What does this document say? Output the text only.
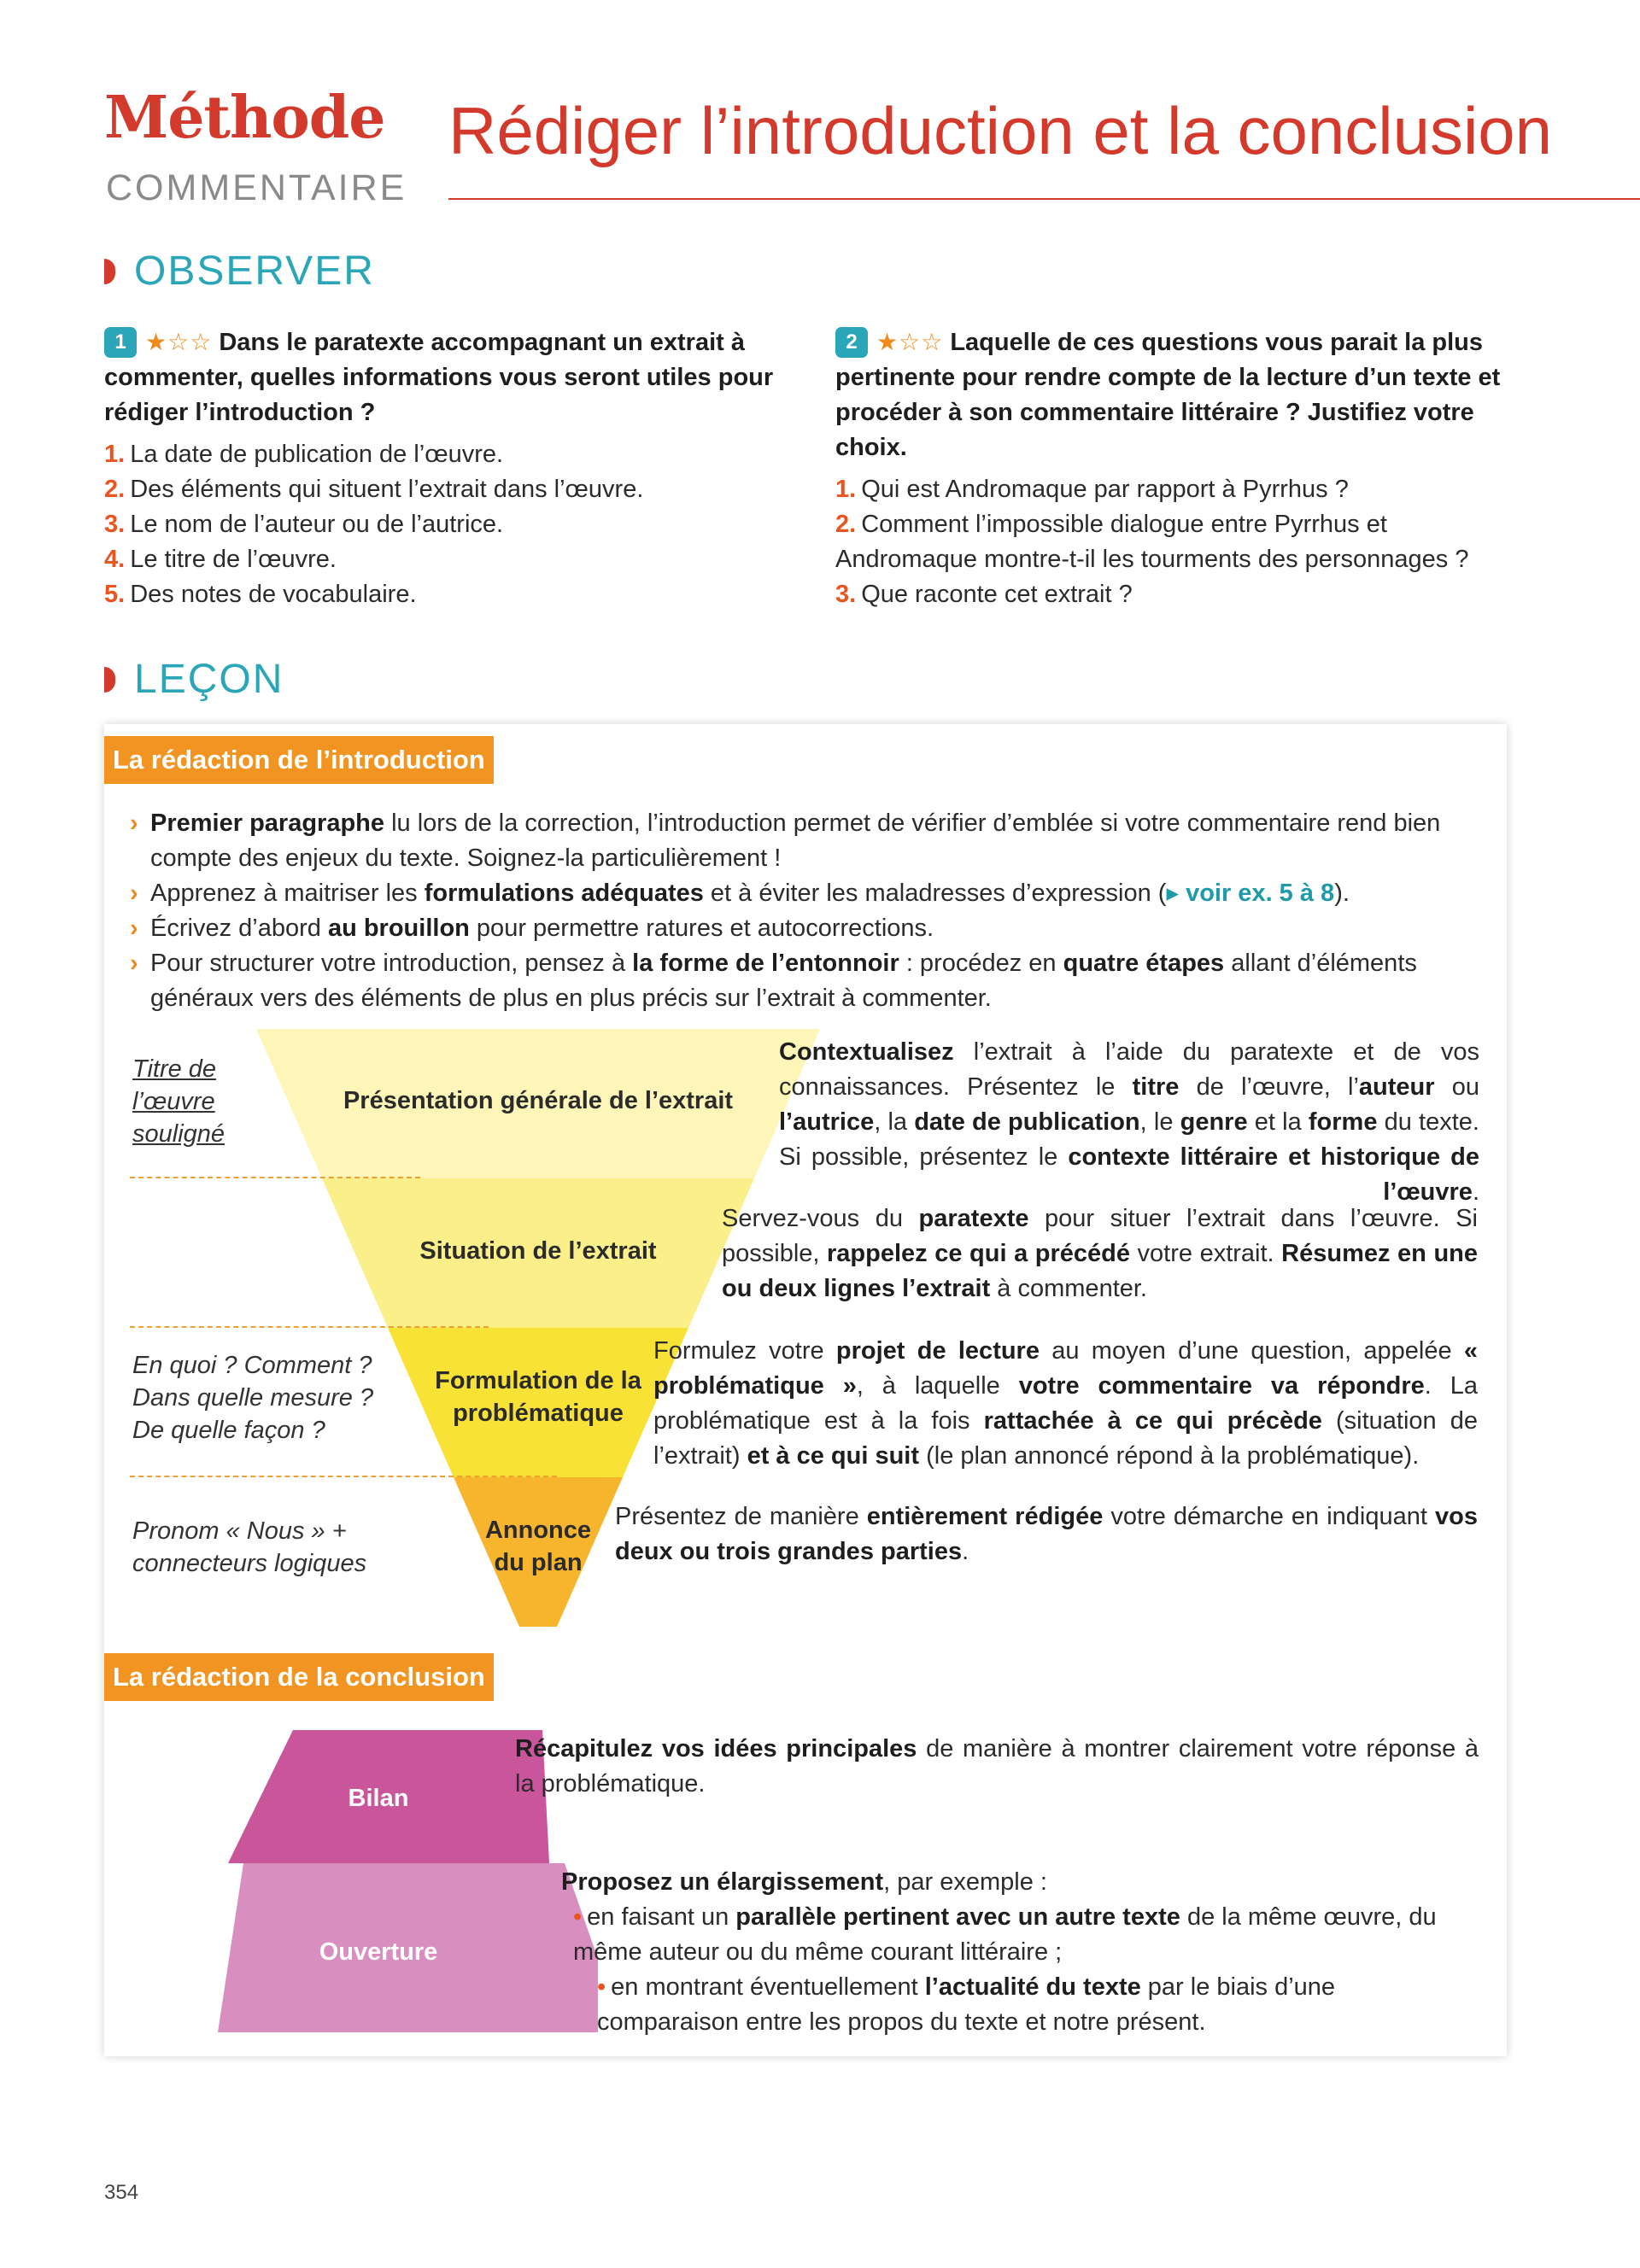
Méthode
COMMENTAIRE
Rédiger l’introduction et la conclusion
OBSERVER
1 ★☆☆ Dans le paratexte accompagnant un extrait à commenter, quelles informations vous seront utiles pour rédiger l’introduction ?
1. La date de publication de l’œuvre.
2. Des éléments qui situent l’extrait dans l’œuvre.
3. Le nom de l’auteur ou de l’autrice.
4. Le titre de l’œuvre.
5. Des notes de vocabulaire.
2 ★☆☆ Laquelle de ces questions vous parait la plus pertinente pour rendre compte de la lecture d’un texte et procéder à son commentaire littéraire ? Justifiez votre choix.
1. Qui est Andromaque par rapport à Pyrrhus ?
2. Comment l’impossible dialogue entre Pyrrhus et Andromaque montre-t-il les tourments des personnages ?
3. Que raconte cet extrait ?
LEÇON
La rédaction de l’introduction
› Premier paragraphe lu lors de la correction, l’introduction permet de vérifier d’emblée si votre commentaire rend bien compte des enjeux du texte. Soignez-la particulièrement !
› Apprenez à maitriser les formulations adéquates et à éviter les maladresses d’expression (▸ voir ex. 5 à 8).
› Écrivez d’abord au brouillon pour permettre ratures et autocorrections.
› Pour structurer votre introduction, pensez à la forme de l’entonnoir : procédez en quatre étapes allant d’éléments généraux vers des éléments de plus en plus précis sur l’extrait à commenter.
Présentation générale de l’extrait
Situation de l’extrait
Formulation de la problématique
Annonce du plan
Titre de l’œuvre souligné
En quoi ? Comment ? Dans quelle mesure ? De quelle façon ?
Pronom « Nous » + connecteurs logiques
Contextualisez l’extrait à l’aide du paratexte et de vos connaissances. Présentez le titre de l’œuvre, l’auteur ou l’autrice, la date de publication, le genre et la forme du texte. Si possible, présentez le contexte littéraire et historique de l’œuvre.
Servez-vous du paratexte pour situer l’extrait dans l’œuvre. Si possible, rappelez ce qui a précédé votre extrait. Résumez en une ou deux lignes l’extrait à commenter.
Formulez votre projet de lecture au moyen d’une question, appelée « problématique », à laquelle votre commentaire va répondre. La problématique est à la fois rattachée à ce qui précède (situation de l’extrait) et à ce qui suit (le plan annoncé répond à la problématique).
Présentez de manière entièrement rédigée votre démarche en indiquant vos deux ou trois grandes parties.
La rédaction de la conclusion
Bilan
Ouverture
Récapitulez vos idées principales de manière à montrer clairement votre réponse à la problématique.
Proposez un élargissement, par exemple :
• en faisant un parallèle pertinent avec un autre texte de la même œuvre, du même auteur ou du même courant littéraire ;
• en montrant éventuellement l’actualité du texte par le biais d’une comparaison entre les propos du texte et notre présent.
354
